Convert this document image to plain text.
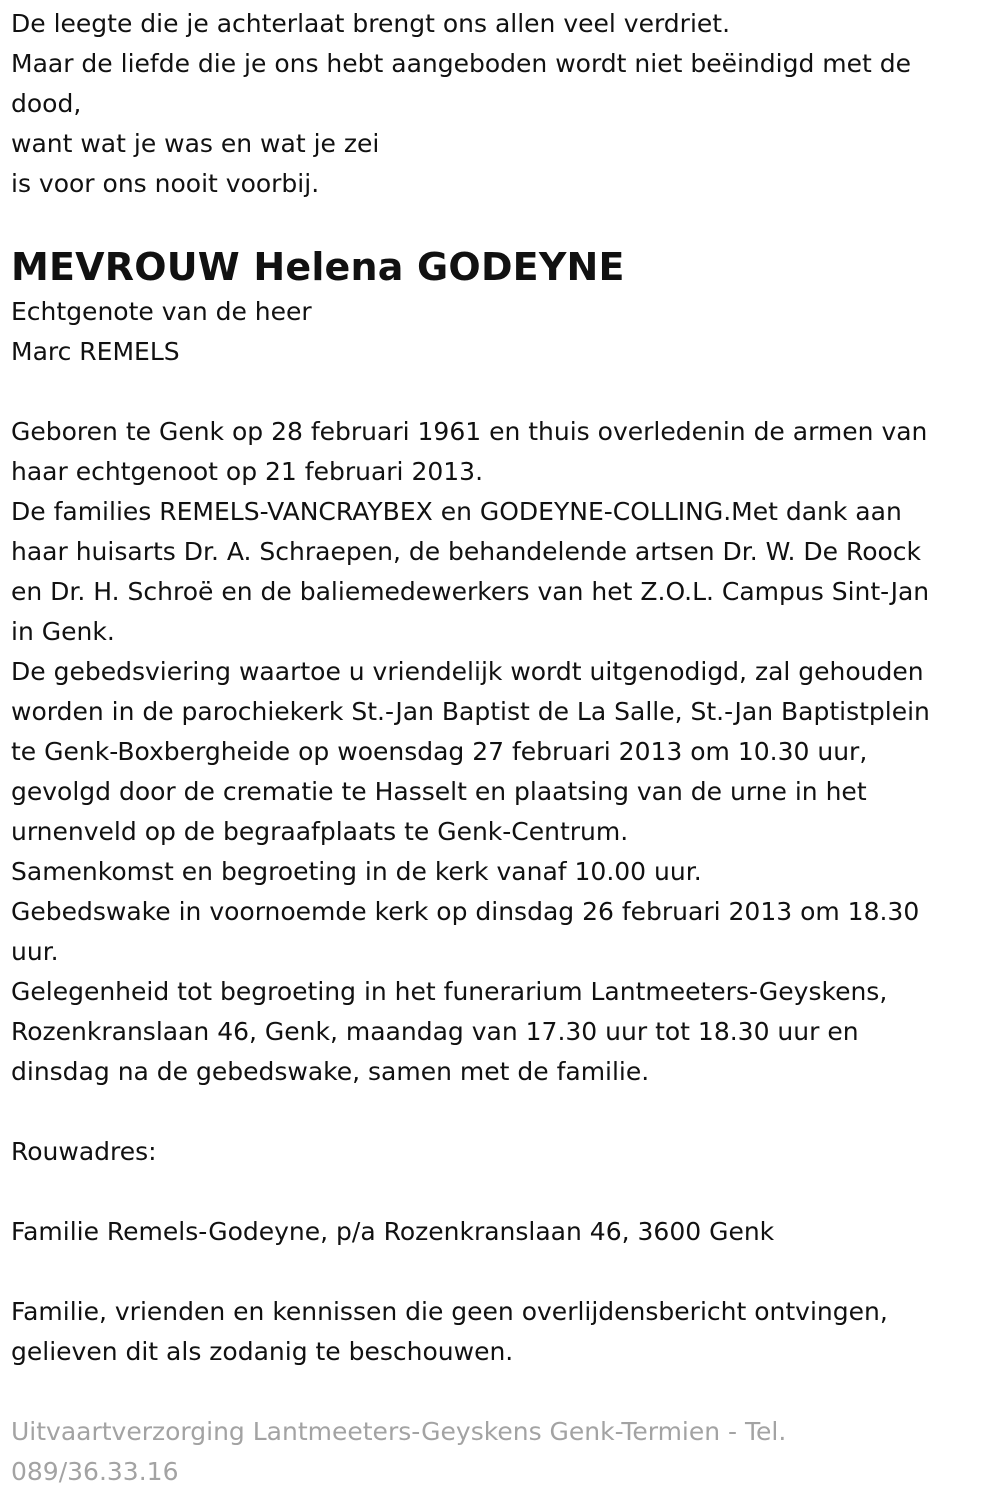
De leegte die je achterlaat brengt ons allen veel verdriet.

Maar de liefde die je ons hebt aangeboden wordt niet beëindigd met de

dood,

want wat je was en wat je zei

is voor ons nooit voorbij.

MEVROUW Helena GODEYNE

Echtgenote van de heer

Marc REMELS

Geboren te Genk op 28 februari 1961 en thuis overledenin de armen van

haar echtgenoot op 21 februari 2013.

De families REMELS-VANCRAYBEX en GODEYNE-COLLING.Met dank aan

haar huisarts Dr. A. Schraepen, de behandelende artsen Dr. W. De Roock

en Dr. H. Schroë en de baliemedewerkers van het Z.O.L. Campus Sint-Jan

in Genk.

De gebedsviering waartoe u vriendelijk wordt uitgenodigd, zal gehouden

worden in de parochiekerk St.-Jan Baptist de La Salle, St.-Jan Baptistplein

te Genk-Boxbergheide op woensdag 27 februari 2013 om 10.30 uur,

gevolgd door de crematie te Hasselt en plaatsing van de urne in het

urnenveld op de begraafplaats te Genk-Centrum.

Samenkomst en begroeting in de kerk vanaf 10.00 uur.

Gebedswake in voornoemde kerk op dinsdag 26 februari 2013 om 18.30

uur.

Gelegenheid tot begroeting in het funerarium Lantmeeters-Geyskens,

Rozenkranslaan 46, Genk, maandag van 17.30 uur tot 18.30 uur en

dinsdag na de gebedswake, samen met de familie.

Rouwadres:

Familie Remels-Godeyne, p/a Rozenkranslaan 46, 3600 Genk

Familie, vrienden en kennissen die geen overlijdensbericht ontvingen,

gelieven dit als zodanig te beschouwen.

Uitvaartverzorging Lantmeeters-Geyskens Genk-Termien - Tel.

089/36.33.16
